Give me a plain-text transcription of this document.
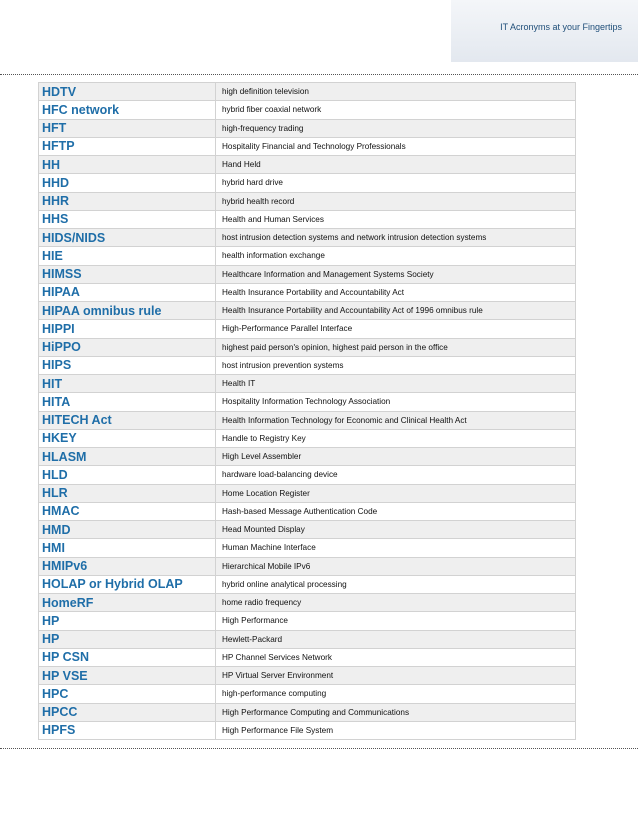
IT Acronyms at your Fingertips
HDTV	high definition television
HFC network	hybrid fiber coaxial network
HFT	high-frequency trading
HFTP	Hospitality Financial and Technology Professionals
HH	Hand Held
HHD	hybrid hard drive
HHR	hybrid health record
HHS	Health and Human Services
HIDS/NIDS	host intrusion detection systems and network intrusion detection systems
HIE	health information exchange
HIMSS	Healthcare Information and Management Systems Society
HIPAA	Health Insurance Portability and Accountability Act
HIPAA omnibus rule	Health Insurance Portability and Accountability Act of 1996 omnibus rule
HIPPI	High-Performance Parallel Interface
HiPPO	highest paid person's opinion, highest paid person in the office
HIPS	host intrusion prevention systems
HIT	Health IT
HITA	Hospitality Information Technology Association
HITECH Act	Health Information Technology for Economic and Clinical Health Act
HKEY	Handle to Registry Key
HLASM	High Level Assembler
HLD	hardware load-balancing device
HLR	Home Location Register
HMAC	Hash-based Message Authentication Code
HMD	Head Mounted Display
HMI	Human Machine Interface
HMIPv6	Hierarchical Mobile IPv6
HOLAP or Hybrid OLAP	hybrid online analytical processing
HomeRF	home radio frequency
HP	High Performance
HP	Hewlett-Packard
HP CSN	HP Channel Services Network
HP VSE	HP Virtual Server Environment
HPC	high-performance computing
HPCC	High Performance Computing and Communications
HPFS	High Performance File System
